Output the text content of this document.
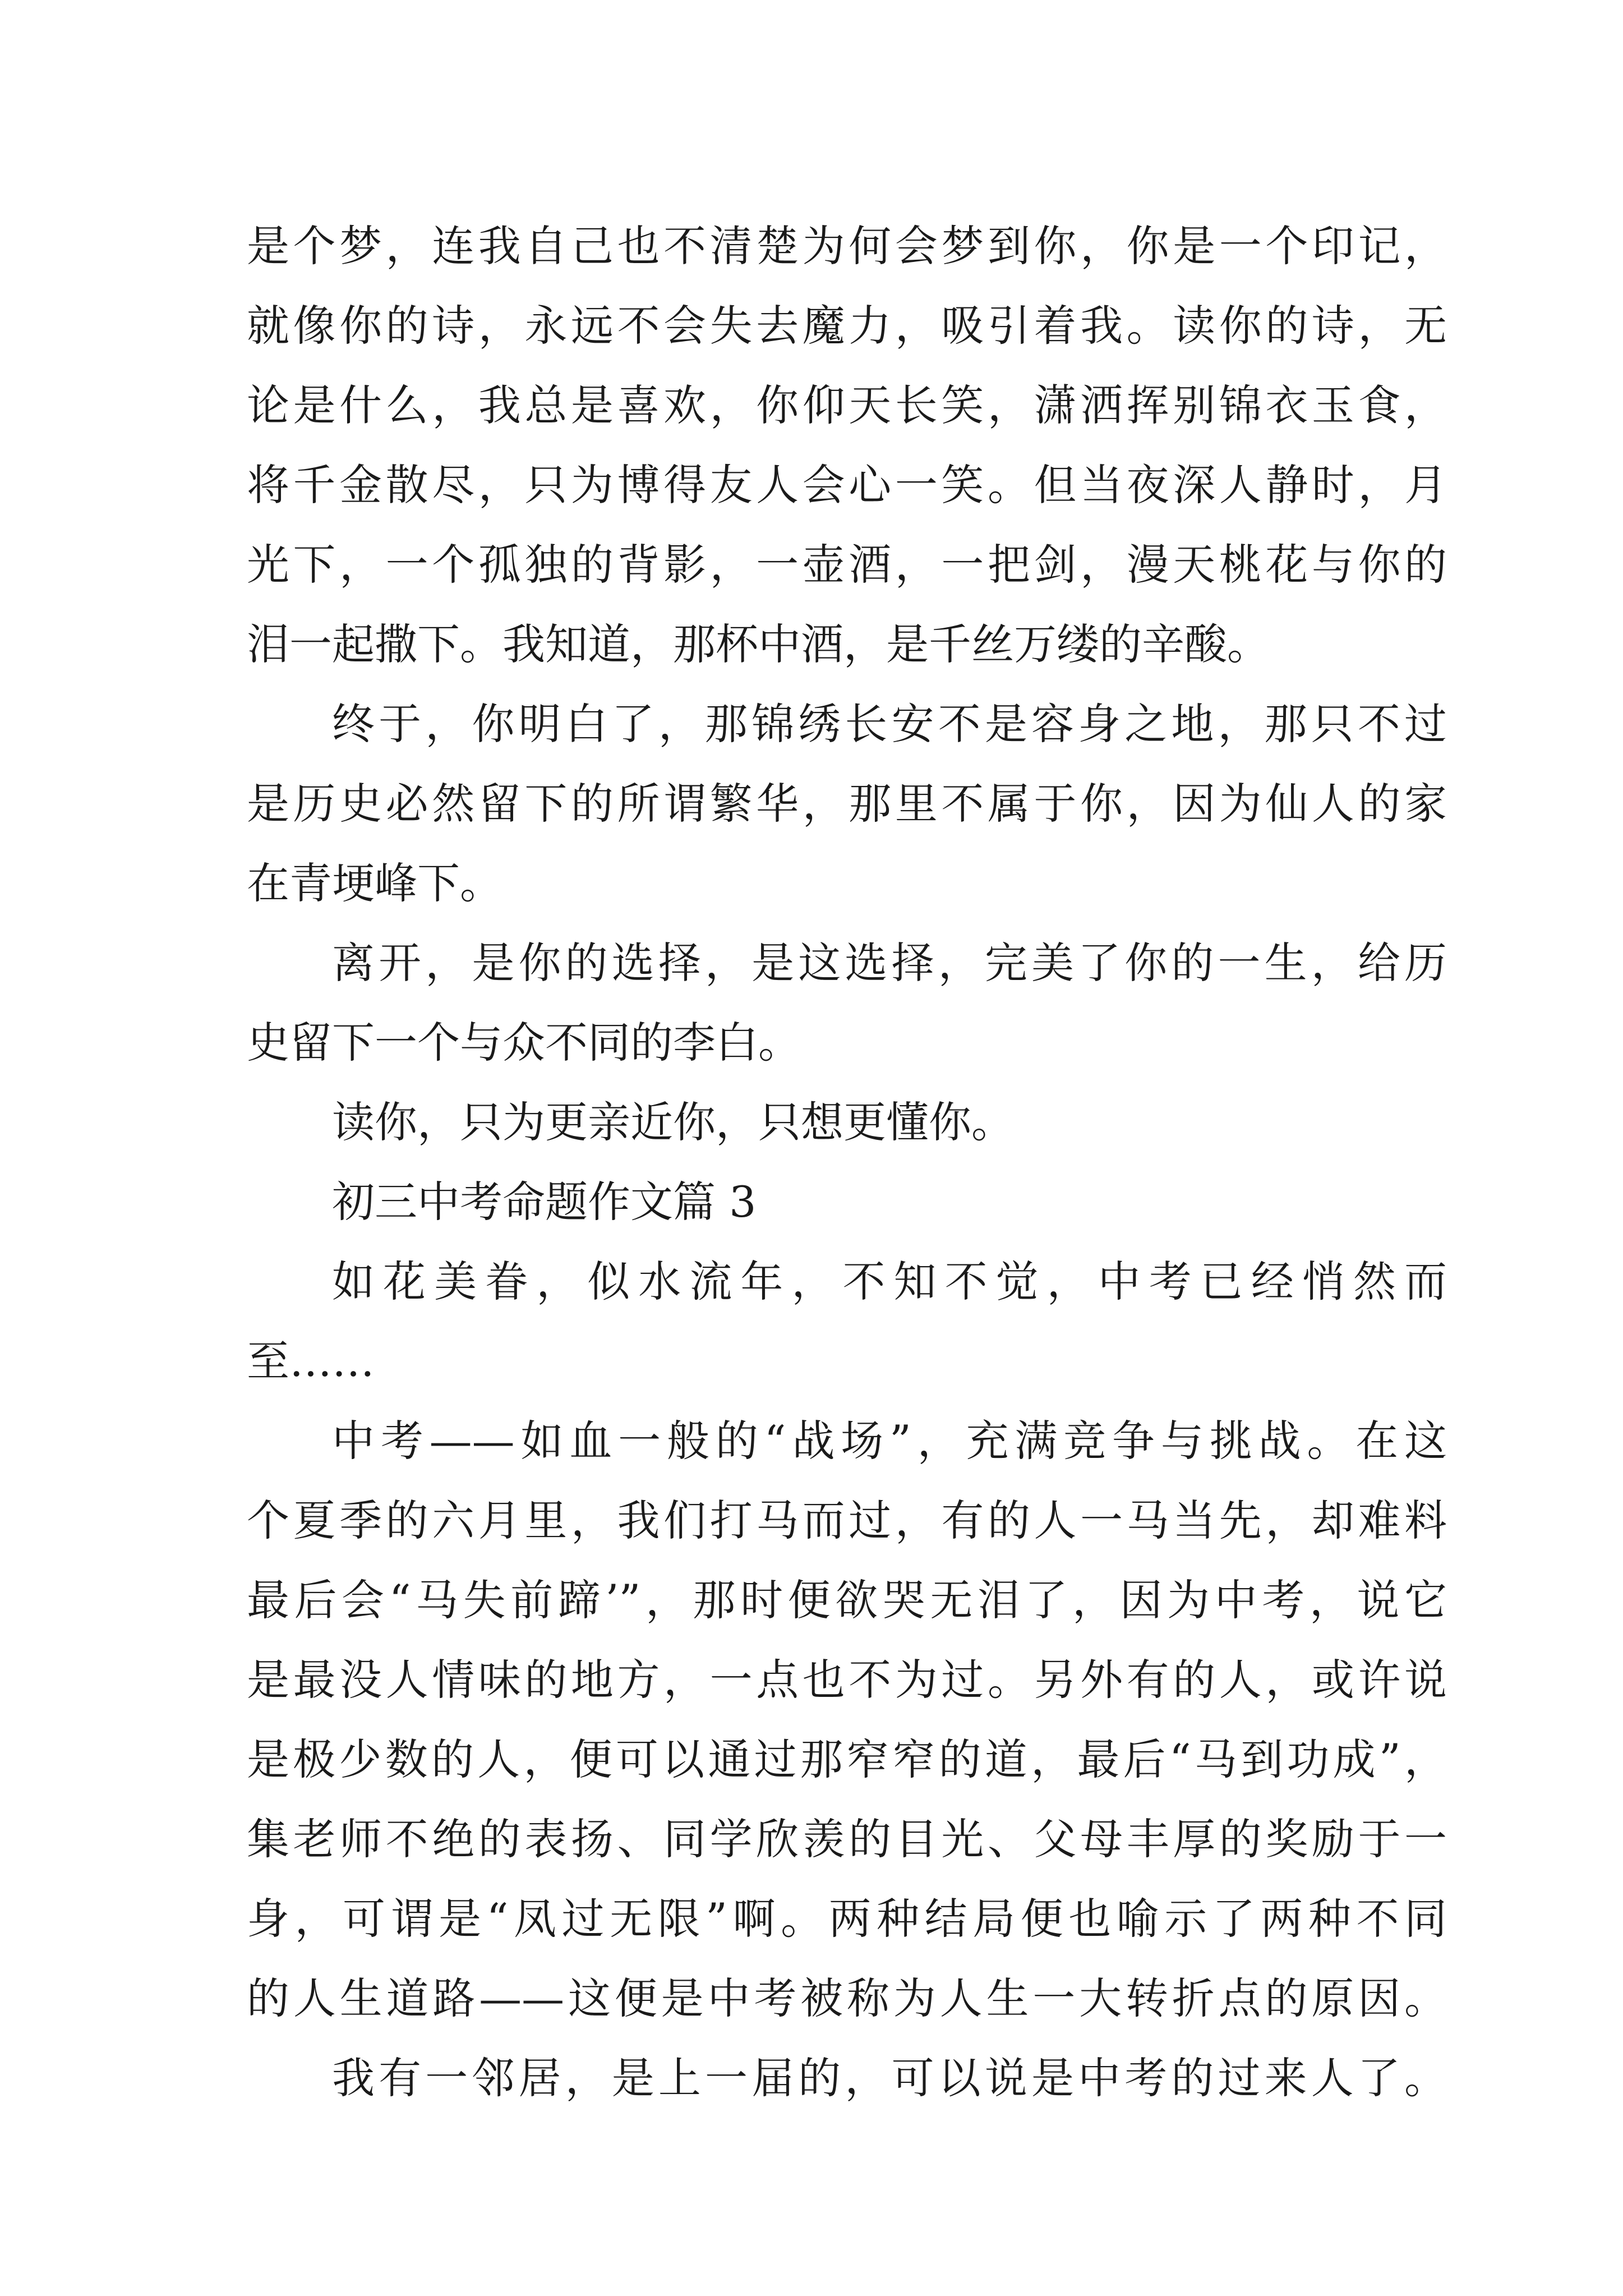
是个梦，连我自己也不清楚为何会梦到你，你是一个印记，
就像你的诗，永远不会失去魔力，吸引着我。读你的诗，无
论是什么，我总是喜欢，你仰天长笑，潇洒挥别锦衣玉食，
将千金散尽，只为博得友人会心一笑。但当夜深人静时，月
光下，一个孤独的背影，一壶酒，一把剑，漫天桃花与你的
泪一起撒下。我知道，那杯中酒，是千丝万缕的辛酸。
终于，你明白了，那锦绣长安不是容身之地，那只不过
是历史必然留下的所谓繁华，那里不属于你，因为仙人的家
在青埂峰下。
离开，是你的选择，是这选择，完美了你的一生，给历
史留下一个与众不同的李白。
读你，只为更亲近你，只想更懂你。
初三中考命题作文篇 3
如花美眷，似水流年，不知不觉，中考已经悄然而
至……
中考——如血一般的“战场”，充满竞争与挑战。在这
个夏季的六月里，我们打马而过，有的人一马当先，却难料
最后会“马失前蹄’”，那时便欲哭无泪了，因为中考，说它
是最没人情味的地方，一点也不为过。另外有的人，或许说
是极少数的人，便可以通过那窄窄的道，最后“马到功成”，
集老师不绝的表扬、同学欣羡的目光、父母丰厚的奖励于一
身，可谓是“凤过无限”啊。两种结局便也喻示了两种不同
的人生道路——这便是中考被称为人生一大转折点的原因。
我有一邻居，是上一届的，可以说是中考的过来人了。
